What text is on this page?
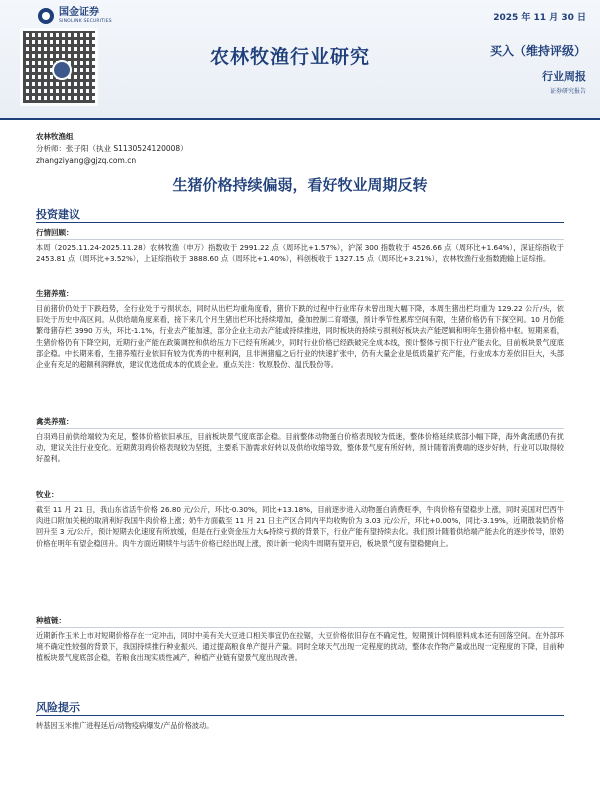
国金证券
SINOLINK SECURITIES	2025 年 11 月 30 日
农林牧渔行业研究	买入（维持评级）
行业周报
证券研究报告
农林牧渔组
分析师：张子阳（执业 S1130524120008）
zhangziyang@gjzq.com.cn
生猪价格持续偏弱，看好牧业周期反转
投资建议
行情回顾：
本周（2025.11.24-2025.11.28）农林牧渔（申万）指数收于 2991.22 点（周环比+1.57%），沪深 300 指数收于 4526.66 点（周环比+1.64%），深证综指收于 2453.81 点（周环比+3.52%），上证综指收于 3888.60 点（周环比+1.40%），科创板收于 1327.15 点（周环比+3.21%），农林牧渔行业指数跑输上证综指。
生猪养殖：
目前猪价仍处于下跌趋势，全行业处于亏损状态，同时从出栏均重角度看，猪价下跌的过程中行业库存未曾出现大幅下降，本周生猪出栏均重为 129.22 公斤/头，依旧处于历史中高区间。从供给端角度来看，接下来几个月生猪出栏环比持续增加，叠加控制二育增强，预计季节性累库空间有限，生猪价格仍有下探空间。10 月份能繁母猪存栏 3990 万头，环比-1.1%，行业去产能加速，部分企业主动去产能或持续推进，同时板块的持续亏损利好板块去产能逻辑和明年生猪价格中枢。短期来看，生猪价格仍有下降空间，近期行业产能在政策调控和供给压力下已经有所减少，同时行业价格已经跌破完全成本线，预计整体亏损下行业产能去化，目前板块景气度底部企稳。中长期来看，生猪养殖行业依旧有较为优秀的中枢利润，且非洲猪瘟之后行业的快速扩张中，仍有大量企业是低质量扩充产能，行业成本方差依旧巨大，头部企业有充足的超额利润释放，建议优选低成本的优质企业。重点关注：牧原股份、温氏股份等。
禽类养殖：
白羽鸡目前供给端较为充足，整体价格依旧承压，目前板块景气度底部企稳。目前整体动物蛋白价格表现较为低迷，整体价格延续底部小幅下降，海外禽流感仍有扰动，建议关注行业变化。近期黄羽鸡价格表现较为坚挺，主要系下游需求好转以及供给收缩导致，整体景气度有所好转，预计随着消费端的逐步好转，行业可以取得较好盈利。
牧业：
截至 11 月 21 日，我山东省活牛价格 26.80 元/公斤，环比-0.30%，同比+13.18%，目前逐步进入动物蛋白消费旺季，牛肉价格有望稳步上涨，同时美国对巴西牛肉进口附加关税的取消利好我国牛肉价格上涨；奶牛方面截至 11 月 21 日主产区合同内平均收购价为 3.03 元/公斤，环比+0.00%，同比-3.19%，近期散装奶价格回升至 3 元/公斤，预计短期去化速度有所放缓，但是在行业资金压力大&持续亏损的背景下，行业产能有望持续去化。我们预计随着供给端产能去化的逐步传导，原奶价格在明年有望企稳回升。肉牛方面近期犊牛与活牛价格已经出现上涨，预计新一轮肉牛周期有望开启，板块景气度有望稳健向上。
种植链：
近期新作玉米上市对短期价格存在一定冲击，同时中美有关大豆进口相关事宜仍在拉锯，大豆价格依旧存在不确定性，短期预计饲料原料成本还有回落空间。在外部环境不确定性较强的背景下，我国持续推行种业振兴、通过提高粮食单产提升产量。同时全球天气出现一定程度的扰动，整体农作物产量或出现一定程度的下降，目前种植板块景气度底部企稳，若粮食出现实质性减产，种植产业链有望景气度出现改善。
风险提示
转基因玉米推广进程延后/动物疫病爆发/产品价格波动。
